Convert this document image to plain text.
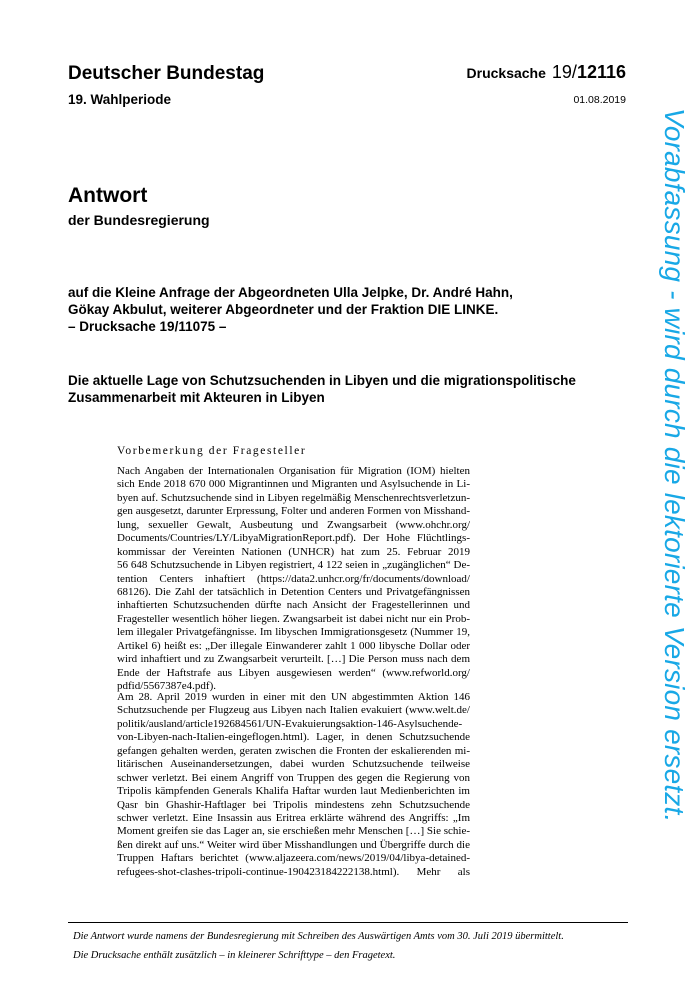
Deutscher Bundestag
19. Wahlperiode
Drucksache 19/12116
01.08.2019
Antwort
der Bundesregierung
auf die Kleine Anfrage der Abgeordneten Ulla Jelpke, Dr. André Hahn,
Gökay Akbulut, weiterer Abgeordneter und der Fraktion DIE LINKE.
– Drucksache 19/11075 –
Die aktuelle Lage von Schutzsuchenden in Libyen und die migrationspolitische
Zusammenarbeit mit Akteuren in Libyen
Vorbemerkung der Fragesteller
Nach Angaben der Internationalen Organisation für Migration (IOM) hielten
sich Ende 2018 670 000 Migrantinnen und Migranten und Asylsuchende in Li-
byen auf. Schutzsuchende sind in Libyen regelmäßig Menschenrechtsverletzun-
gen ausgesetzt, darunter Erpressung, Folter und anderen Formen von Misshand-
lung, sexueller Gewalt, Ausbeutung und Zwangsarbeit (www.ohchr.org/
Documents/Countries/LY/LibyaMigrationReport.pdf). Der Hohe Flüchtlings-
kommissar der Vereinten Nationen (UNHCR) hat zum 25. Februar 2019
56 648 Schutzsuchende in Libyen registriert, 4 122 seien in „zugänglichen“ De-
tention Centers inhaftiert (https://data2.unhcr.org/fr/documents/download/
68126). Die Zahl der tatsächlich in Detention Centers und Privatgefängnissen
inhaftierten Schutzsuchenden dürfte nach Ansicht der Fragestellerinnen und
Fragesteller wesentlich höher liegen. Zwangsarbeit ist dabei nicht nur ein Prob-
lem illegaler Privatgefängnisse. Im libyschen Immigrationsgesetz (Nummer 19,
Artikel 6) heißt es: „Der illegale Einwanderer zahlt 1 000 libysche Dollar oder
wird inhaftiert und zu Zwangsarbeit verurteilt. […] Die Person muss nach dem
Ende der Haftstrafe aus Libyen ausgewiesen werden“ (www.refworld.org/
pdfid/5567387e4.pdf).
Am 28. April 2019 wurden in einer mit den UN abgestimmten Aktion 146
Schutzsuchende per Flugzeug aus Libyen nach Italien evakuiert (www.welt.de/
politik/ausland/article192684561/UN-Evakuierungsaktion-146-Asylsuchende-
von-Libyen-nach-Italien-eingeflogen.html). Lager, in denen Schutzsuchende
gefangen gehalten werden, geraten zwischen die Fronten der eskalierenden mi-
litärischen Auseinandersetzungen, dabei wurden Schutzsuchende teilweise
schwer verletzt. Bei einem Angriff von Truppen des gegen die Regierung von
Tripolis kämpfenden Generals Khalifa Haftar wurden laut Medienberichten im
Qasr bin Ghashir-Haftlager bei Tripolis mindestens zehn Schutzsuchende
schwer verletzt. Eine Insassin aus Eritrea erklärte während des Angriffs: „Im
Moment greifen sie das Lager an, sie erschießen mehr Menschen […] Sie schie-
ßen direkt auf uns.“ Weiter wird über Misshandlungen und Übergriffe durch die
Truppen Haftars berichtet (www.aljazeera.com/news/2019/04/libya-detained-
refugees-shot-clashes-tripoli-continue-190423184222138.html). Mehr als
Die Antwort wurde namens der Bundesregierung mit Schreiben des Auswärtigen Amts vom 30. Juli 2019 übermittelt.
Die Drucksache enthält zusätzlich – in kleinerer Schrifttype – den Fragetext.
Vorabfassung - wird durch die lektorierte Version ersetzt.
